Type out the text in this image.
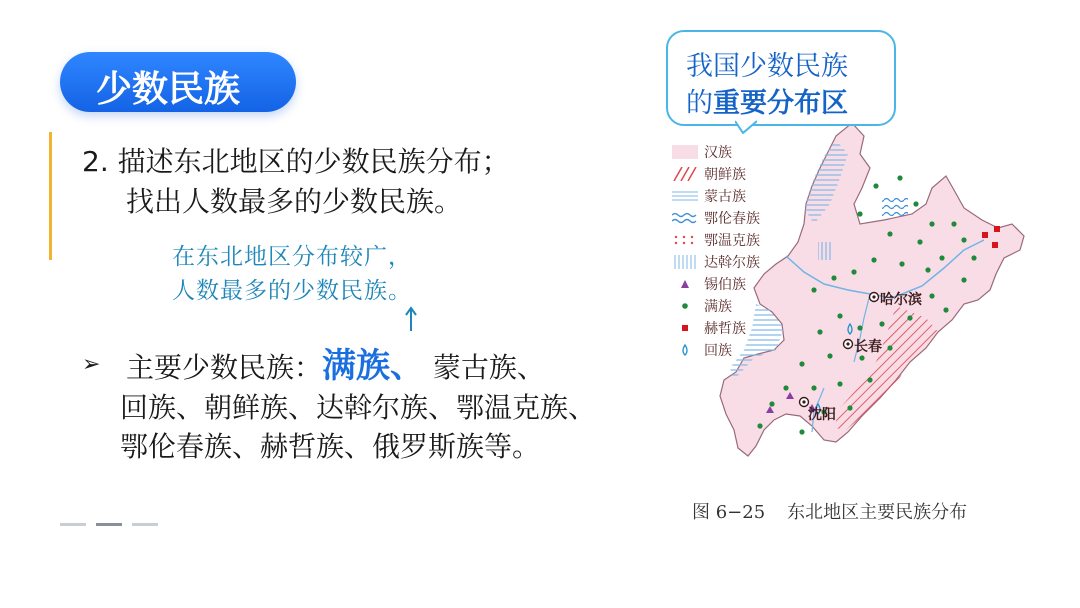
少数民族
2. 描述东北地区的少数民族分布；
找出人数最多的少数民族。
在东北地区分布较广，
人数最多的少数民族。
➢ 主要少数民族：满族、 蒙古族、
回族、朝鲜族、达斡尔族、鄂温克族、
鄂伦春族、赫哲族、俄罗斯族等。
哈尔滨
长春
沈阳
我国少数民族
的重要分布区
汉族
朝鲜族
蒙古族
鄂伦春族
鄂温克族
达斡尔族
锡伯族
满族
赫哲族
回族
图 6−25 东北地区主要民族分布
